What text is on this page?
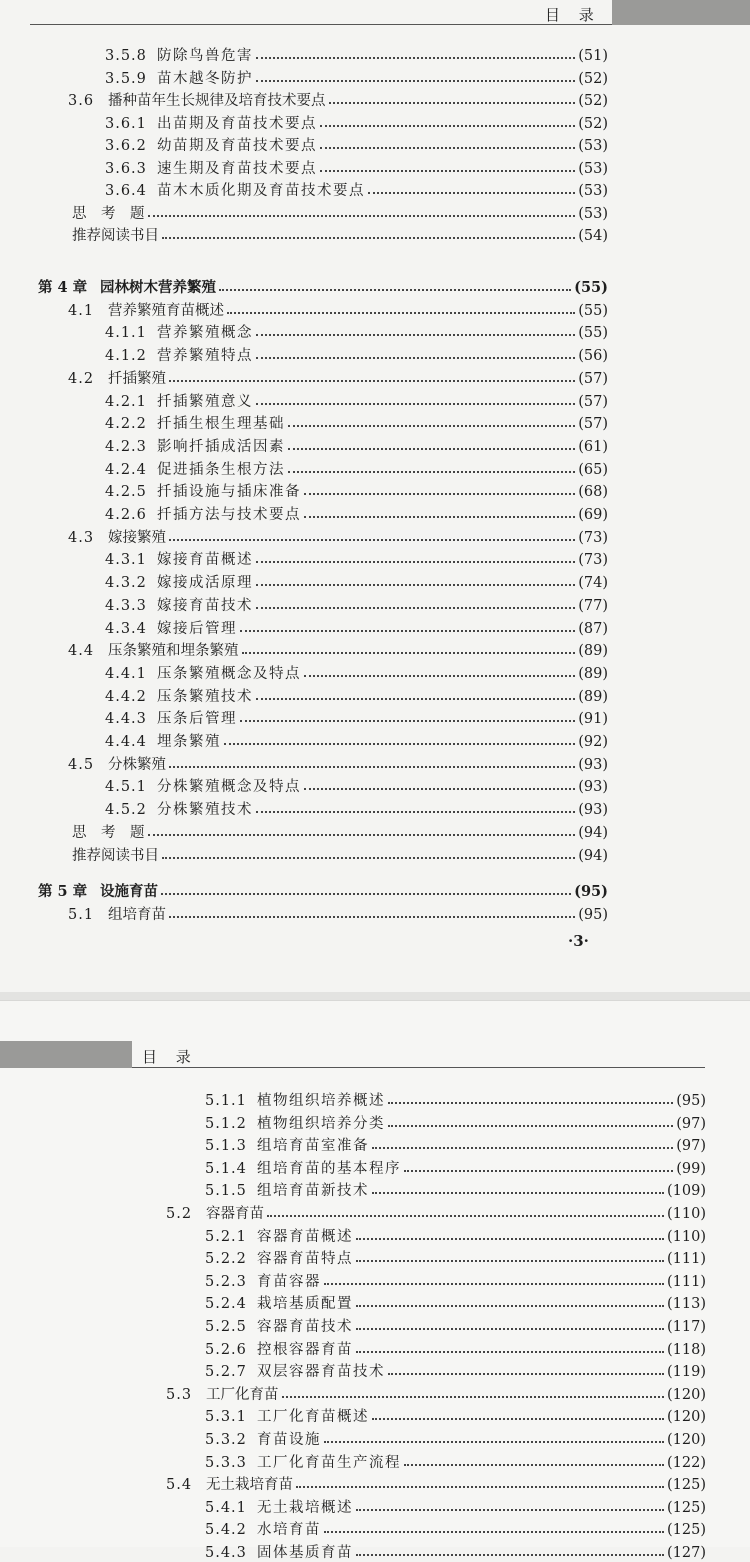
目 录
3.5.8 防除鸟兽危害	(51)
3.5.9 苗木越冬防护	(52)
3.6 播种苗年生长规律及培育技术要点	(52)
3.6.1 出苗期及育苗技术要点	(52)
3.6.2 幼苗期及育苗技术要点	(53)
3.6.3 速生期及育苗技术要点	(53)
3.6.4 苗木木质化期及育苗技术要点	(53)
思　考　题	(53)
推荐阅读书目	(54)
第 4 章 园林树木营养繁殖	(55)
4.1 营养繁殖育苗概述	(55)
4.1.1 营养繁殖概念	(55)
4.1.2 营养繁殖特点	(56)
4.2 扦插繁殖	(57)
4.2.1 扦插繁殖意义	(57)
4.2.2 扦插生根生理基础	(57)
4.2.3 影响扦插成活因素	(61)
4.2.4 促进插条生根方法	(65)
4.2.5 扦插设施与插床准备	(68)
4.2.6 扦插方法与技术要点	(69)
4.3 嫁接繁殖	(73)
4.3.1 嫁接育苗概述	(73)
4.3.2 嫁接成活原理	(74)
4.3.3 嫁接育苗技术	(77)
4.3.4 嫁接后管理	(87)
4.4 压条繁殖和埋条繁殖	(89)
4.4.1 压条繁殖概念及特点	(89)
4.4.2 压条繁殖技术	(89)
4.4.3 压条后管理	(91)
4.4.4 埋条繁殖	(92)
4.5 分株繁殖	(93)
4.5.1 分株繁殖概念及特点	(93)
4.5.2 分株繁殖技术	(93)
思　考　题	(94)
推荐阅读书目	(94)
第 5 章 设施育苗	(95)
5.1 组培育苗	(95)
·3·
目 录
5.1.1 植物组织培养概述	(95)
5.1.2 植物组织培养分类	(97)
5.1.3 组培育苗室准备	(97)
5.1.4 组培育苗的基本程序	(99)
5.1.5 组培育苗新技术	(109)
5.2 容器育苗	(110)
5.2.1 容器育苗概述	(110)
5.2.2 容器育苗特点	(111)
5.2.3 育苗容器	(111)
5.2.4 栽培基质配置	(113)
5.2.5 容器育苗技术	(117)
5.2.6 控根容器育苗	(118)
5.2.7 双层容器育苗技术	(119)
5.3 工厂化育苗	(120)
5.3.1 工厂化育苗概述	(120)
5.3.2 育苗设施	(120)
5.3.3 工厂化育苗生产流程	(122)
5.4 无土栽培育苗	(125)
5.4.1 无土栽培概述	(125)
5.4.2 水培育苗	(125)
5.4.3 固体基质育苗	(127)
